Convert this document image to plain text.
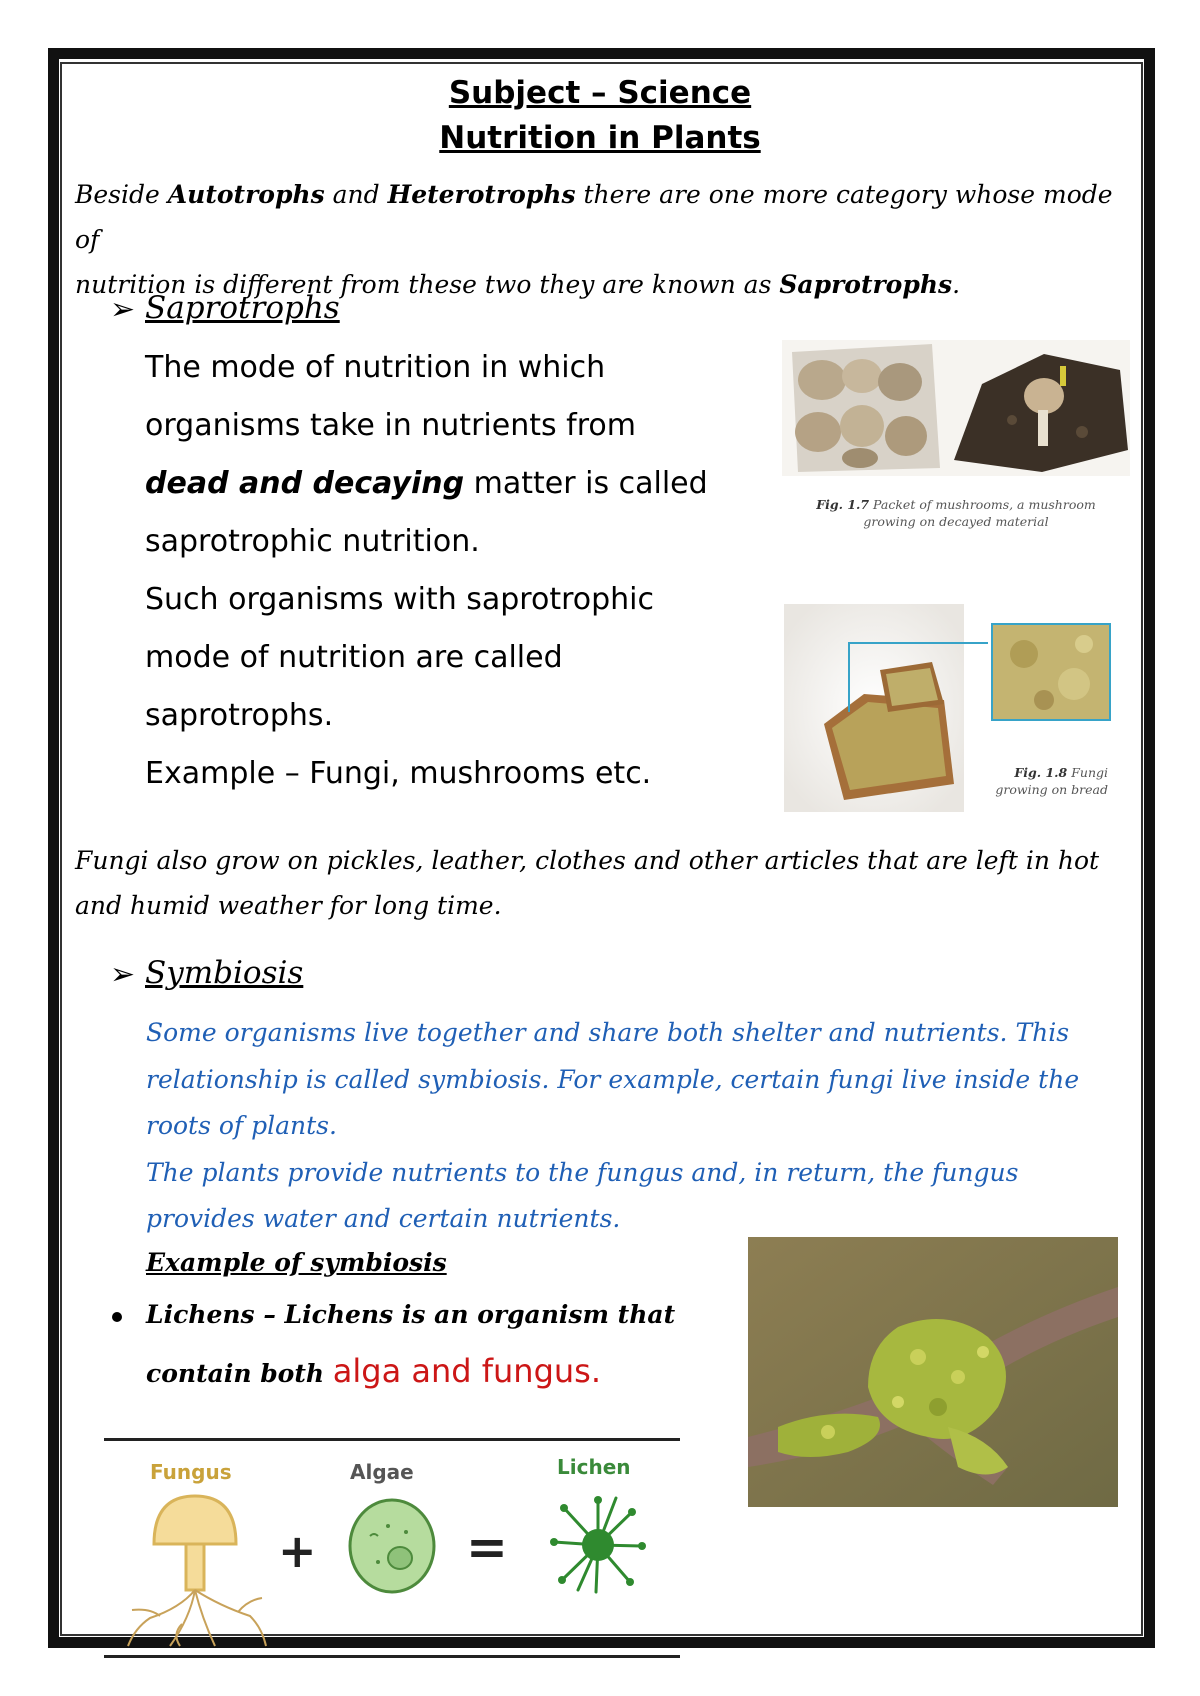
Subject – Science
Nutrition in Plants
Beside Autotrophs and Heterotrophs there are one more category whose mode of
nutrition is different from these two they are known as Saprotrophs.
➢ Saprotrophs
The mode of nutrition in which
organisms take in nutrients from
dead and decaying matter is called
saprotrophic nutrition.
Such organisms with saprotrophic
mode of nutrition are called
saprotrophs.
Example – Fungi, mushrooms etc.
Fig. 1.7 Packet of mushrooms, a mushroom
growing on decayed material
Fig. 1.8 Fungi
growing on bread
Fungi also grow on pickles, leather, clothes and other articles that are left in hot
and humid weather for long time.
➢ Symbiosis
Some organisms live together and share both shelter and nutrients. This
relationship is called symbiosis. For example, certain fungi live inside the
roots of plants.
The plants provide nutrients to the fungus and, in return, the fungus
provides water and certain nutrients.
Example of symbiosis
Lichens – Lichens is an organism that
contain both alga and fungus.
Fungus	Algae	Lichen
+	=
